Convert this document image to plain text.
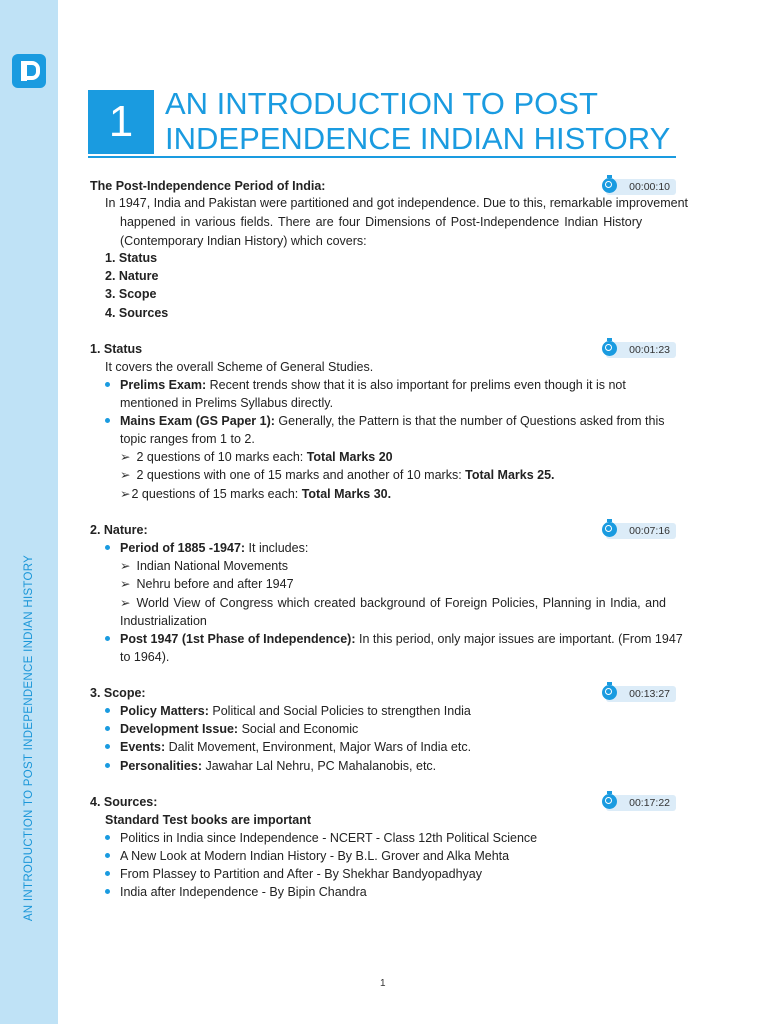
AN INTRODUCTION TO POST INDEPENDENCE INDIAN HISTORY
1	AN INTRODUCTION TO POST
INDEPENDENCE INDIAN HISTORY
The Post-Independence Period of India:	00:00:10
In 1947, India and Pakistan were partitioned and got independence. Due to this, remarkable improvement
happened in various fields. There are four Dimensions of Post-Independence Indian History
(Contemporary Indian History) which covers:
1. Status
2. Nature
3. Scope
4. Sources
1. Status	00:01:23
It covers the overall Scheme of General Studies.
Prelims Exam: Recent trends show that it is also important for prelims even though it is not
mentioned in Prelims Syllabus directly.
Mains Exam (GS Paper 1): Generally, the Pattern is that the number of Questions asked from this
topic ranges from 1 to 2.
➢ 2 questions of 10 marks each: Total Marks 20
➢ 2 questions with one of 15 marks and another of 10 marks: Total Marks 25.
➢2 questions of 15 marks each: Total Marks 30.
2. Nature:	00:07:16
Period of 1885 -1947: It includes:
➢ Indian National Movements
➢ Nehru before and after 1947
➢ World View of Congress which created background of Foreign Policies, Planning in India, and
Industrialization
Post 1947 (1st Phase of Independence): In this period, only major issues are important. (From 1947
to 1964).
3. Scope:	00:13:27
Policy Matters: Political and Social Policies to strengthen India
Development Issue: Social and Economic
Events: Dalit Movement, Environment, Major Wars of India etc.
Personalities: Jawahar Lal Nehru, PC Mahalanobis, etc.
4. Sources:	00:17:22
Standard Test books are important
Politics in India since Independence - NCERT - Class 12th Political Science
A New Look at Modern Indian History - By B.L. Grover and Alka Mehta
From Plassey to Partition and After - By Shekhar Bandyopadhyay
India after Independence - By Bipin Chandra
1
